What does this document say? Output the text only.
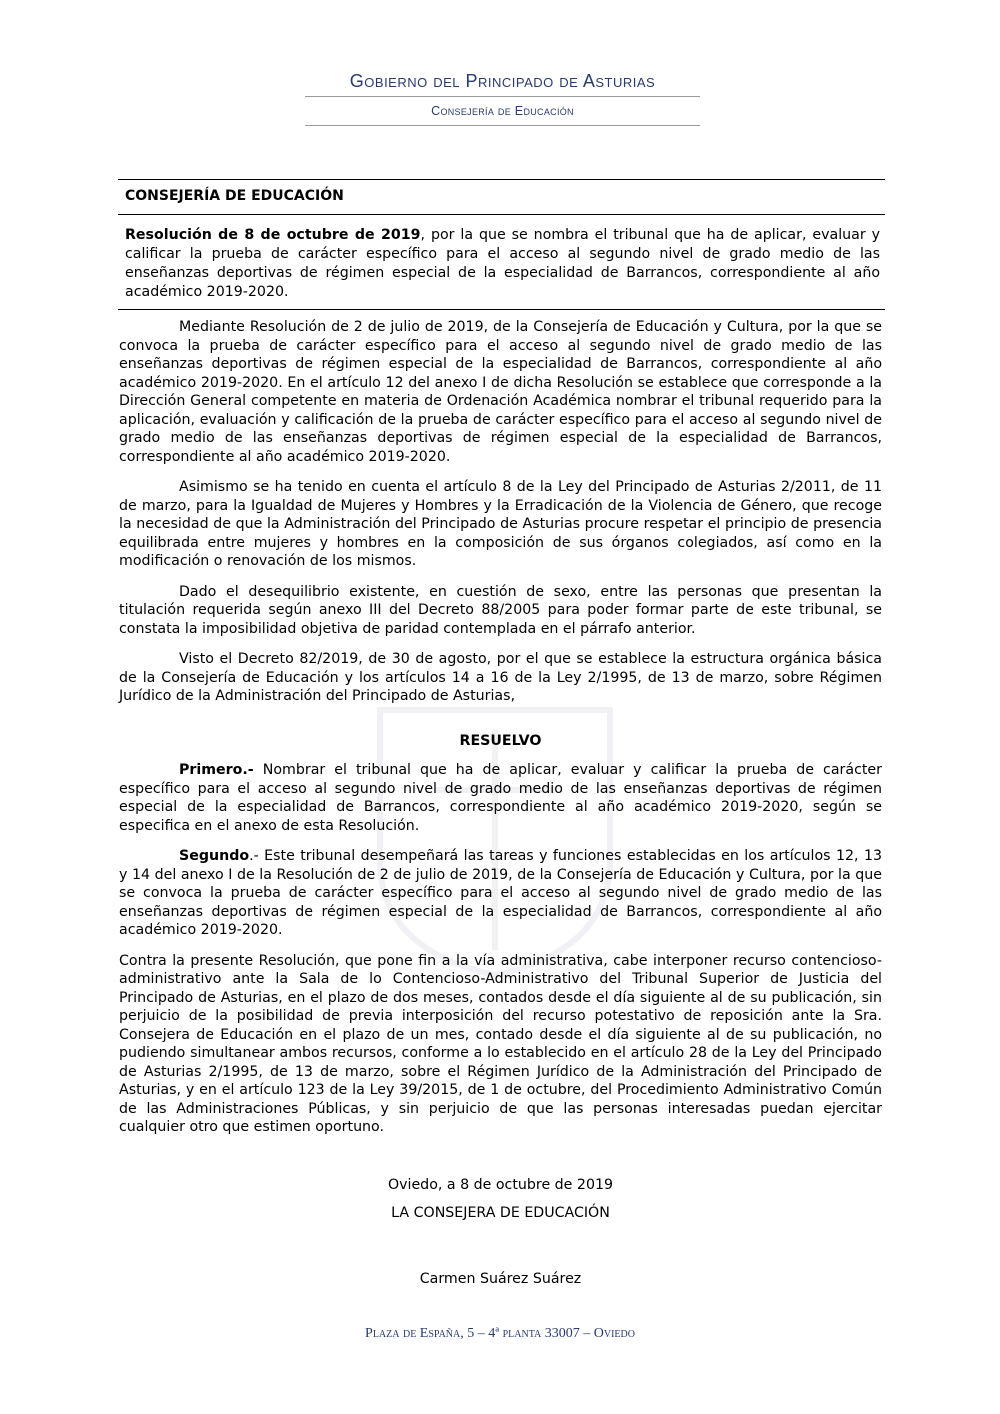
Gobierno del Principado de Asturias
Consejería de Educación
CONSEJERÍA DE EDUCACIÓN
Resolución de 8 de octubre de 2019, por la que se nombra el tribunal que ha de aplicar, evaluar y calificar la prueba de carácter específico para el acceso al segundo nivel de grado medio de las enseñanzas deportivas de régimen especial de la especialidad de Barrancos, correspondiente al año académico 2019-2020.

Mediante Resolución de 2 de julio de 2019, de la Consejería de Educación y Cultura, por la que se convoca la prueba de carácter específico para el acceso al segundo nivel de grado medio de las enseñanzas deportivas de régimen especial de la especialidad de Barrancos, correspondiente al año académico 2019-2020. En el artículo 12 del anexo I de dicha Resolución se establece que corresponde a la Dirección General competente en materia de Ordenación Académica nombrar el tribunal requerido para la aplicación, evaluación y calificación de la prueba de carácter específico para el acceso al segundo nivel de grado medio de las enseñanzas deportivas de régimen especial de la especialidad de Barrancos, correspondiente al año académico 2019-2020.

Asimismo se ha tenido en cuenta el artículo 8 de la Ley del Principado de Asturias 2/2011, de 11 de marzo, para la Igualdad de Mujeres y Hombres y la Erradicación de la Violencia de Género, que recoge la necesidad de que la Administración del Principado de Asturias procure respetar el principio de presencia equilibrada entre mujeres y hombres en la composición de sus órganos colegiados, así como en la modificación o renovación de los mismos.

Dado el desequilibrio existente, en cuestión de sexo, entre las personas que presentan la titulación requerida según anexo III del Decreto 88/2005 para poder formar parte de este tribunal, se constata la imposibilidad objetiva de paridad contemplada en el párrafo anterior.

Visto el Decreto 82/2019, de 30 de agosto, por el que se establece la estructura orgánica básica de la Consejería de Educación y los artículos 14 a 16 de la Ley 2/1995, de 13 de marzo, sobre Régimen Jurídico de la Administración del Principado de Asturias,

RESUELVO

Primero.- Nombrar el tribunal que ha de aplicar, evaluar y calificar la prueba de carácter específico para el acceso al segundo nivel de grado medio de las enseñanzas deportivas de régimen especial de la especialidad de Barrancos, correspondiente al año académico 2019-2020, según se especifica en el anexo de esta Resolución.

Segundo.- Este tribunal desempeñará las tareas y funciones establecidas en los artículos 12, 13 y 14 del anexo I de la Resolución de 2 de julio de 2019, de la Consejería de Educación y Cultura, por la que se convoca la prueba de carácter específico para el acceso al segundo nivel de grado medio de las enseñanzas deportivas de régimen especial de la especialidad de Barrancos, correspondiente al año académico 2019-2020.

Contra la presente Resolución, que pone fin a la vía administrativa, cabe interponer recurso contencioso-administrativo ante la Sala de lo Contencioso-Administrativo del Tribunal Superior de Justicia del Principado de Asturias, en el plazo de dos meses, contados desde el día siguiente al de su publicación, sin perjuicio de la posibilidad de previa interposición del recurso potestativo de reposición ante la Sra. Consejera de Educación en el plazo de un mes, contado desde el día siguiente al de su publicación, no pudiendo simultanear ambos recursos, conforme a lo establecido en el artículo 28 de la Ley del Principado de Asturias 2/1995, de 13 de marzo, sobre el Régimen Jurídico de la Administración del Principado de Asturias, y en el artículo 123 de la Ley 39/2015, de 1 de octubre, del Procedimiento Administrativo Común de las Administraciones Públicas, y sin perjuicio de que las personas interesadas puedan ejercitar cualquier otro que estimen oportuno.

Oviedo, a 8 de octubre de 2019
LA CONSEJERA DE EDUCACIÓN
Carmen Suárez Suárez
Plaza de España, 5 – 4ª planta 33007 – Oviedo
